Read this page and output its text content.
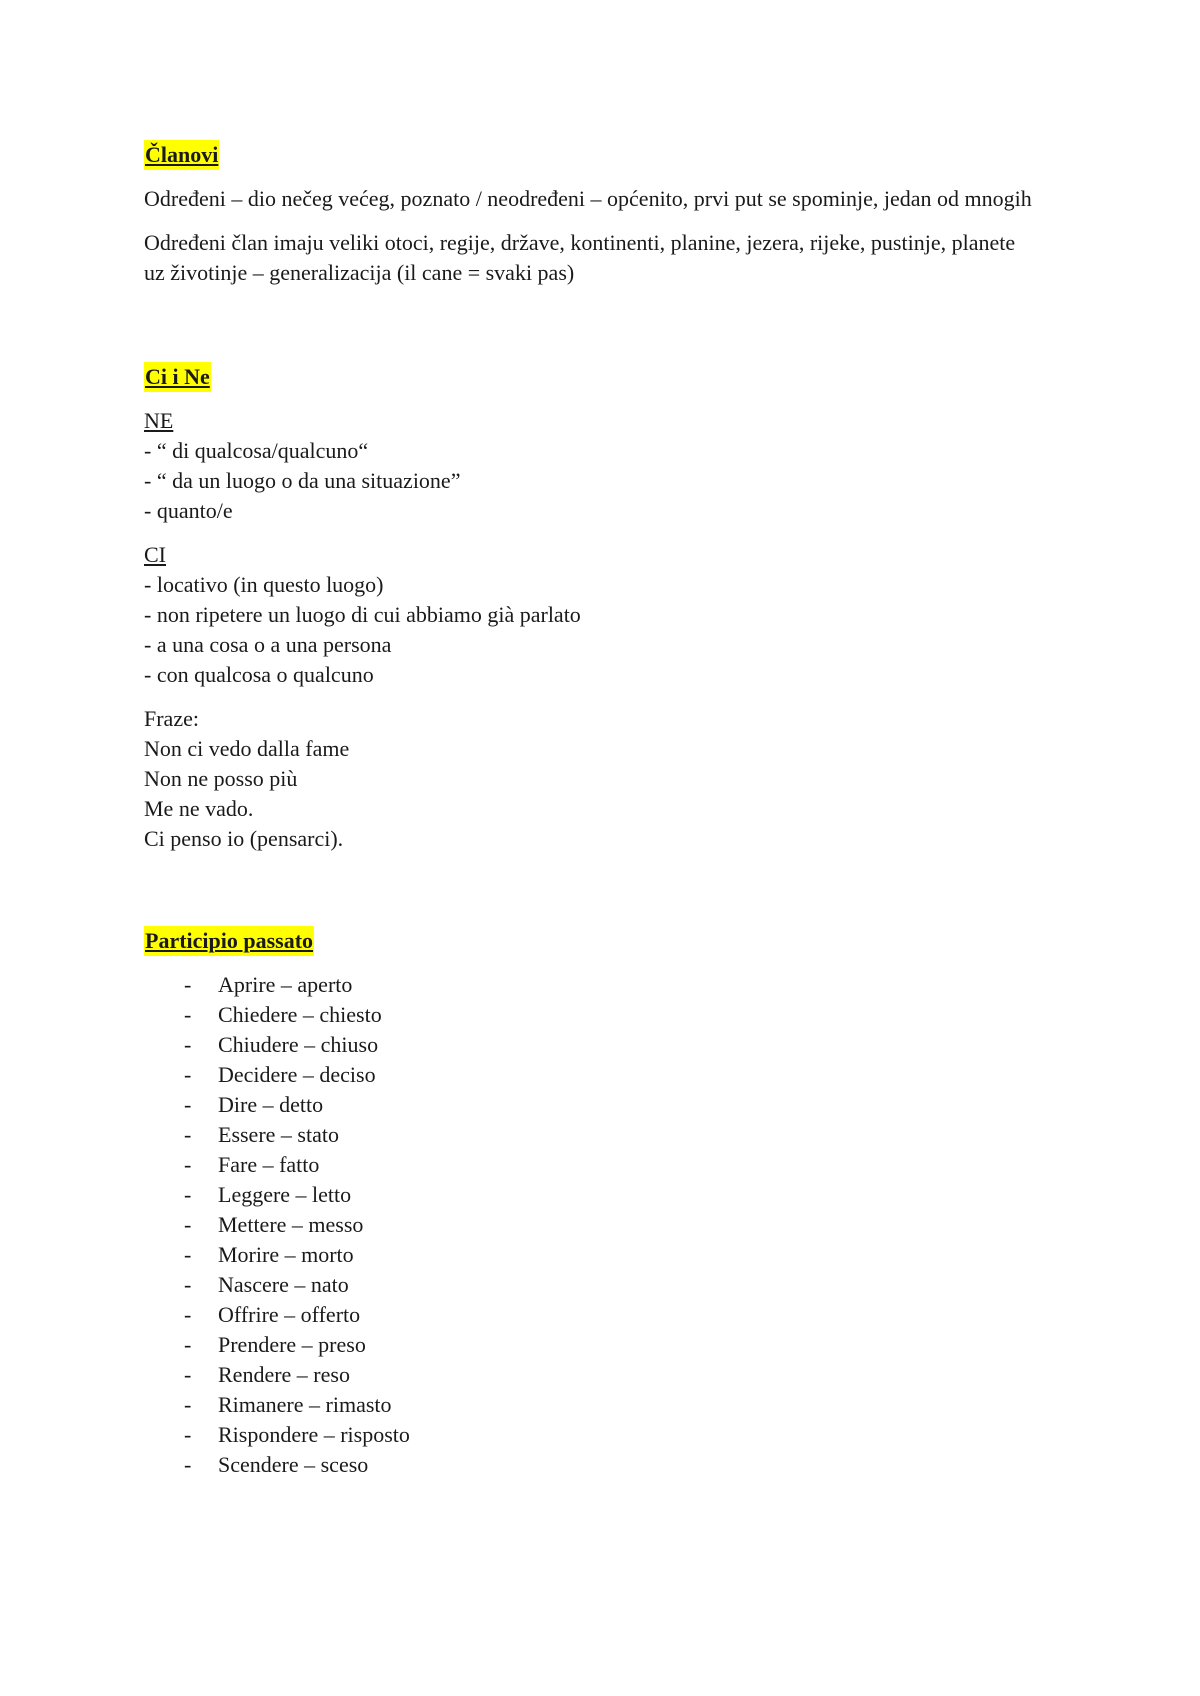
Članovi

Određeni – dio nečeg većeg, poznato / neodređeni – općenito, prvi put se spominje, jedan od mnogih

Određeni član imaju veliki otoci, regije, države, kontinenti, planine, jezera, rijeke, pustinje, planete
uz životinje – generalizacija (il cane = svaki pas)

Ci i Ne

NE
- “ di qualcosa/qualcuno“
- “ da un luogo o da una situazione”
- quanto/e

CI
- locativo (in questo luogo)
- non ripetere un luogo di cui abbiamo già parlato
- a una cosa o a una persona
- con qualcosa o qualcuno

Fraze:
Non ci vedo dalla fame
Non ne posso più
Me ne vado.
Ci penso io (pensarci).

Participio passato
- Aprire – aperto
- Chiedere – chiesto
- Chiudere – chiuso
- Decidere – deciso
- Dire – detto
- Essere – stato
- Fare – fatto
- Leggere – letto
- Mettere – messo
- Morire – morto
- Nascere – nato
- Offrire – offerto
- Prendere – preso
- Rendere – reso
- Rimanere – rimasto
- Rispondere – risposto
- Scendere – sceso
